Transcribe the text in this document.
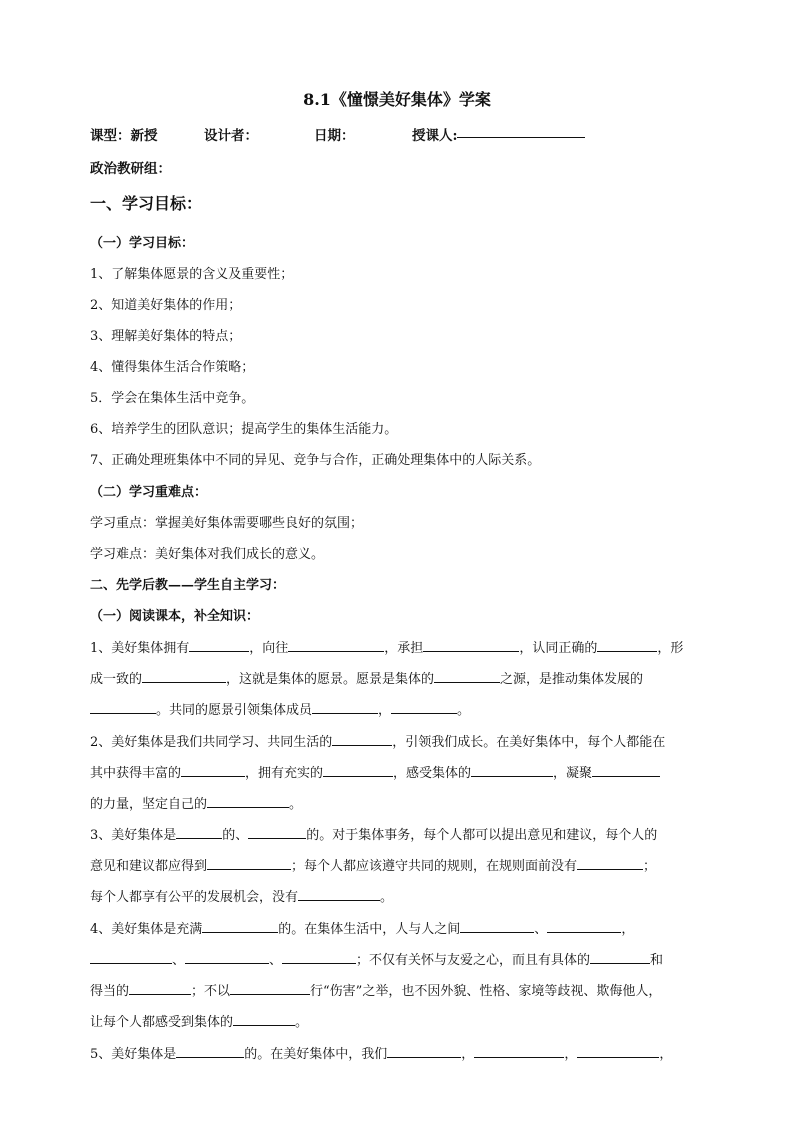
8.1《憧憬美好集体》学案
课型：新授	设计者：	日期：	授课人:
政治教研组：
一、学习目标：
（一）学习目标：
1、了解集体愿景的含义及重要性；
2、知道美好集体的作用；
3、理解美好集体的特点；
4、懂得集体生活合作策略；
5．学会在集体生活中竞争。
6、培养学生的团队意识；提高学生的集体生活能力。
7、正确处理班集体中不同的异见、竞争与合作，正确处理集体中的人际关系。
（二）学习重难点：
学习重点：掌握美好集体需要哪些良好的氛围；
学习难点：美好集体对我们成长的意义。
二、先学后教——学生自主学习：
（一）阅读课本，补全知识：
1、美好集体拥有	，向往	，承担	，认同正确的	，形
成一致的	，这就是集体的愿景。愿景是集体的	之源，是推动集体发展的
。共同的愿景引领集体成员	，	。
2、美好集体是我们共同学习、共同生活的	，引领我们成长。在美好集体中，每个人都能在
其中获得丰富的	，拥有充实的	，感受集体的	，凝聚
的力量，坚定自己的	。
3、美好集体是	的、	的。对于集体事务，每个人都可以提出意见和建议，每个人的
意见和建议都应得到	；每个人都应该遵守共同的规则，在规则面前没有	；
每个人都享有公平的发展机会，没有	。
4、美好集体是充满	的。在集体生活中，人与人之间	、	，
、	、	；不仅有关怀与友爱之心，而且有具体的	和
得当的	；不以	行“伤害”之举，也不因外貌、性格、家境等歧视、欺侮他人，
让每个人都感受到集体的	。
5、美好集体是	的。在美好集体中，我们	，	，	，
